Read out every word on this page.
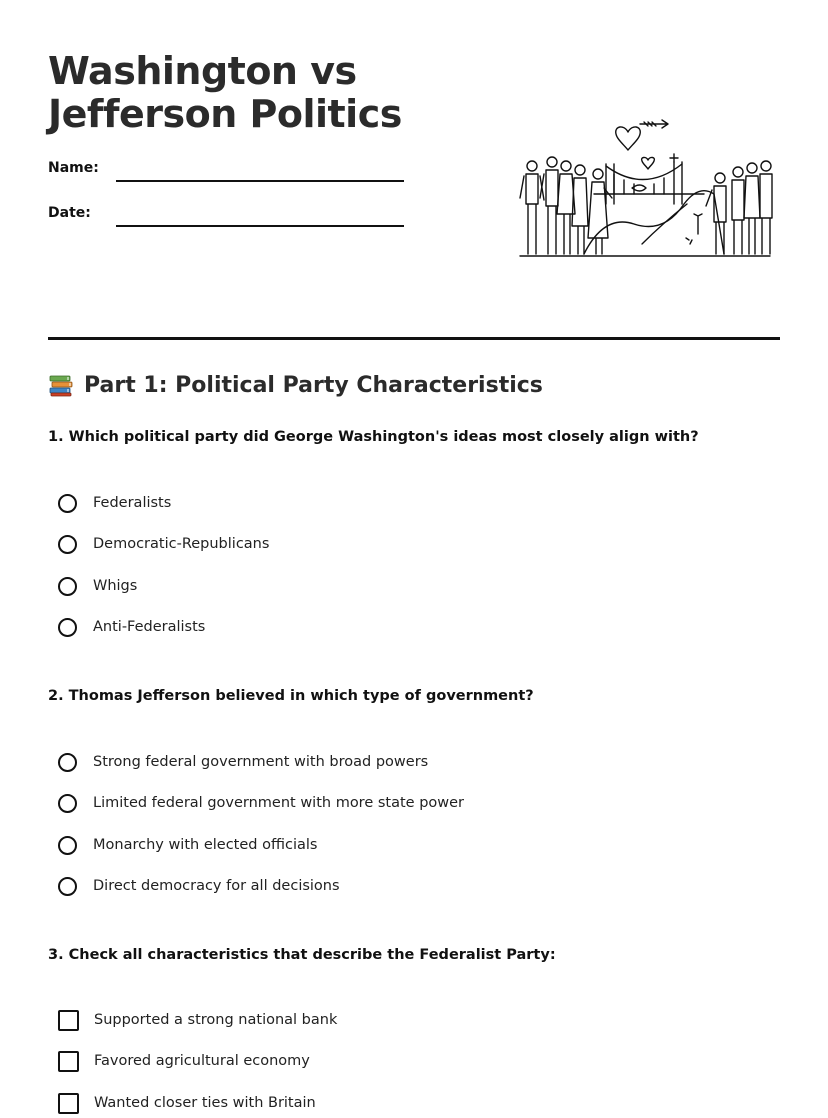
Washington vs
Jefferson Politics
Name:
Date:
Part 1: Political Party Characteristics

1. Which political party did George Washington's ideas most closely align with?

Federalists
Democratic-Republicans
Whigs
Anti-Federalists

2. Thomas Jefferson believed in which type of government?

Strong federal government with broad powers
Limited federal government with more state power
Monarchy with elected officials
Direct democracy for all decisions

3. Check all characteristics that describe the Federalist Party:

Supported a strong national bank
Favored agricultural economy
Wanted closer ties with Britain
